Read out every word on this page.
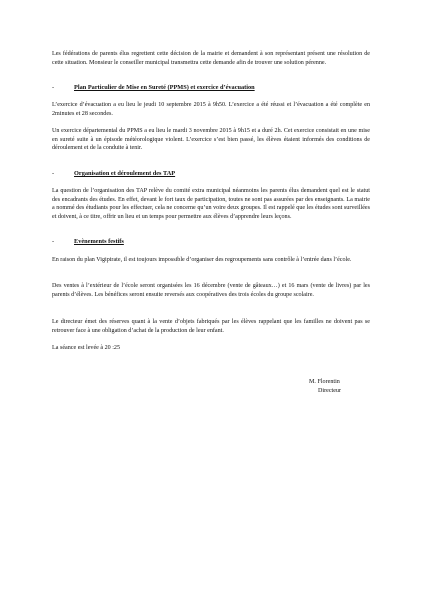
Les fédérations de parents élus regrettent cette décision de la mairie et demandent à son représentant présent une résolution de cette situation. Monsieur le conseiller municipal transmettra cette demande afin de trouver une solution pérenne.

-	Plan Particulier de Mise en Sureté (PPMS) et exercice d’évacuation

L’exercice d’évacuation a eu lieu le jeudi 10 septembre 2015 à 9h50. L’exercice a été réussi et l’évacuation a été complète en 2minutes et 28 secondes.

Un exercice départemental du PPMS a eu lieu le mardi 3 novembre 2015 à 9h15 et a duré 2h. Cet exercice consistait en une mise en sureté suite à un épisode météorologique violent. L’exercice s’est bien passé, les élèves étaient informés des conditions de déroulement et de la conduite à tenir.

-	Organisation et déroulement des TAP

La question de l’organisation des TAP relève du comité extra municipal néanmoins les parents élus demandent quel est le statut des encadrants des études. En effet, devant le fort taux de participation, toutes ne sont pas assurées par des enseignants. La mairie a nommé des étudiants pour les effectuer, cela ne concerne qu’un voire deux groupes. Il est rappelé que les études sont surveillées et doivent, à ce titre, offrir un lieu et un temps pour permettre aux élèves d’apprendre leurs leçons.

-	Evènements festifs

En raison du plan Vigipirate, il est toujours impossible d’organiser des regroupements sans contrôle à l’entrée dans l’école.

Des ventes à l’extérieur de l’école seront organisées les 16 décembre (vente de gâteaux…) et 16 mars (vente de livres) par les parents d’élèves. Les bénéfices seront ensuite reversés aux coopératives des trois écoles du groupe scolaire.

Le directeur émet des réserves quant à la vente d’objets fabriqués par les élèves rappelant que les familles ne doivent pas se retrouver face à une obligation d’achat de la production de leur enfant.

La séance est levée à 20 :25

M. Florentin

Directeur
